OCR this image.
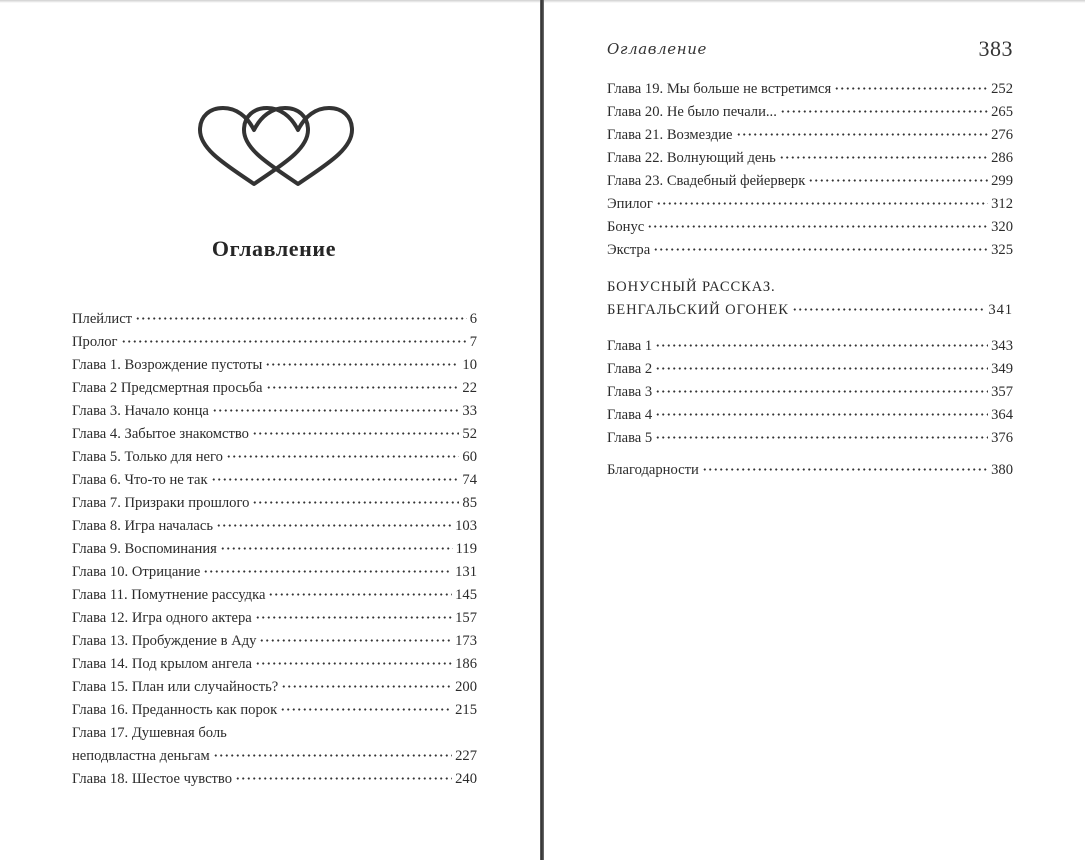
Оглавление
Плейлист	6
Пролог	7
Глава 1. Возрождение пустоты	10
Глава 2 Предсмертная просьба	22
Глава 3. Начало конца	33
Глава 4. Забытое знакомство	52
Глава 5. Только для него	60
Глава 6. Что-то не так	74
Глава 7. Призраки прошлого	85
Глава 8. Игра началась	103
Глава 9. Воспоминания	119
Глава 10. Отрицание	131
Глава 11. Помутнение рассудка	145
Глава 12. Игра одного актера	157
Глава 13. Пробуждение в Аду	173
Глава 14. Под крылом ангела	186
Глава 15. План или случайность?	200
Глава 16. Преданность как порок	215
Глава 17. Душевная боль
неподвластна деньгам	227
Глава 18. Шестое чувство	240
Оглавление	383
Глава 19. Мы больше не встретимся	252
Глава 20. Не было печали...	265
Глава 21. Возмездие	276
Глава 22. Волнующий день	286
Глава 23. Свадебный фейерверк	299
Эпилог	312
Бонус	320
Экстра	325
БОНУСНЫЙ РАССКАЗ.
БЕНГАЛЬСКИЙ ОГОНЕК	341
Глава 1	343
Глава 2	349
Глава 3	357
Глава 4	364
Глава 5	376
Благодарности	380
